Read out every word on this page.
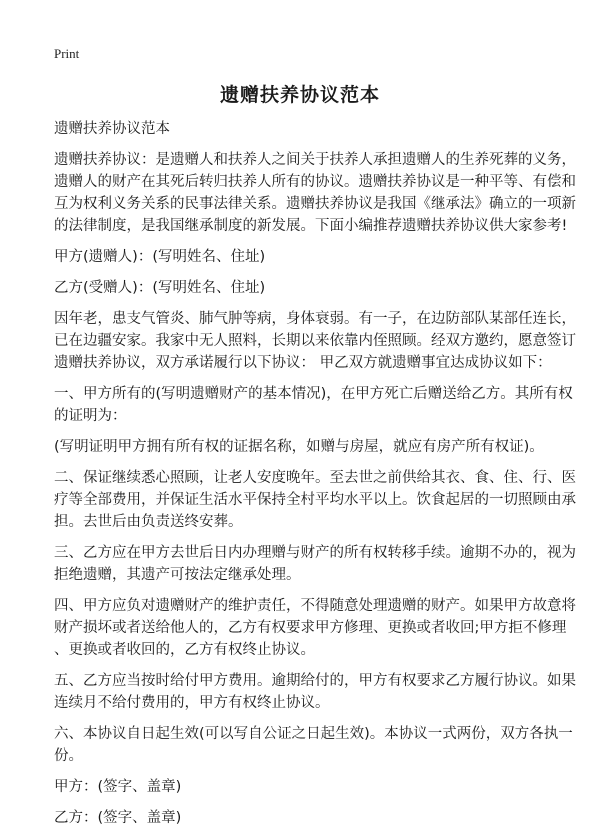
Print
遗赠扶养协议范本

遗赠扶养协议范本

遗赠扶养协议：是遗赠人和扶养人之间关于扶养人承担遗赠人的生养死葬的义务，
遗赠人的财产在其死后转归扶养人所有的协议。遗赠扶养协议是一种平等、有偿和
互为权利义务关系的民事法律关系。遗赠扶养协议是我国《继承法》确立的一项新
的法律制度，是我国继承制度的新发展。下面小编推荐遗赠扶养协议供大家参考!

甲方(遗赠人)：(写明姓名、住址)

乙方(受赠人)：(写明姓名、住址)

因年老，患支气管炎、肺气肿等病，身体衰弱。有一子，在边防部队某部任连长，
已在边疆安家。我家中无人照料，长期以来依靠内侄照顾。经双方邀约，愿意签订
遗赠扶养协议，双方承诺履行以下协议： 甲乙双方就遗赠事宜达成协议如下：

一、甲方所有的(写明遗赠财产的基本情况)，在甲方死亡后赠送给乙方。其所有权
的证明为：

(写明证明甲方拥有所有权的证据名称，如赠与房屋，就应有房产所有权证)。

二、保证继续悉心照顾，让老人安度晚年。至去世之前供给其衣、食、住、行、医
疗等全部费用，并保证生活水平保持全村平均水平以上。饮食起居的一切照顾由承
担。去世后由负责送终安葬。

三、乙方应在甲方去世后日内办理赠与财产的所有权转移手续。逾期不办的，视为
拒绝遗赠，其遗产可按法定继承处理。

四、甲方应负对遗赠财产的维护责任，不得随意处理遗赠的财产。如果甲方故意将
财产损坏或者送给他人的，乙方有权要求甲方修理、更换或者收回;甲方拒不修理
、更换或者收回的，乙方有权终止协议。

五、乙方应当按时给付甲方费用。逾期给付的，甲方有权要求乙方履行协议。如果
连续月不给付费用的，甲方有权终止协议。

六、本协议自日起生效(可以写自公证之日起生效)。本协议一式两份，双方各执一
份。

甲方：(签字、盖章)

乙方：(签字、盖章)
